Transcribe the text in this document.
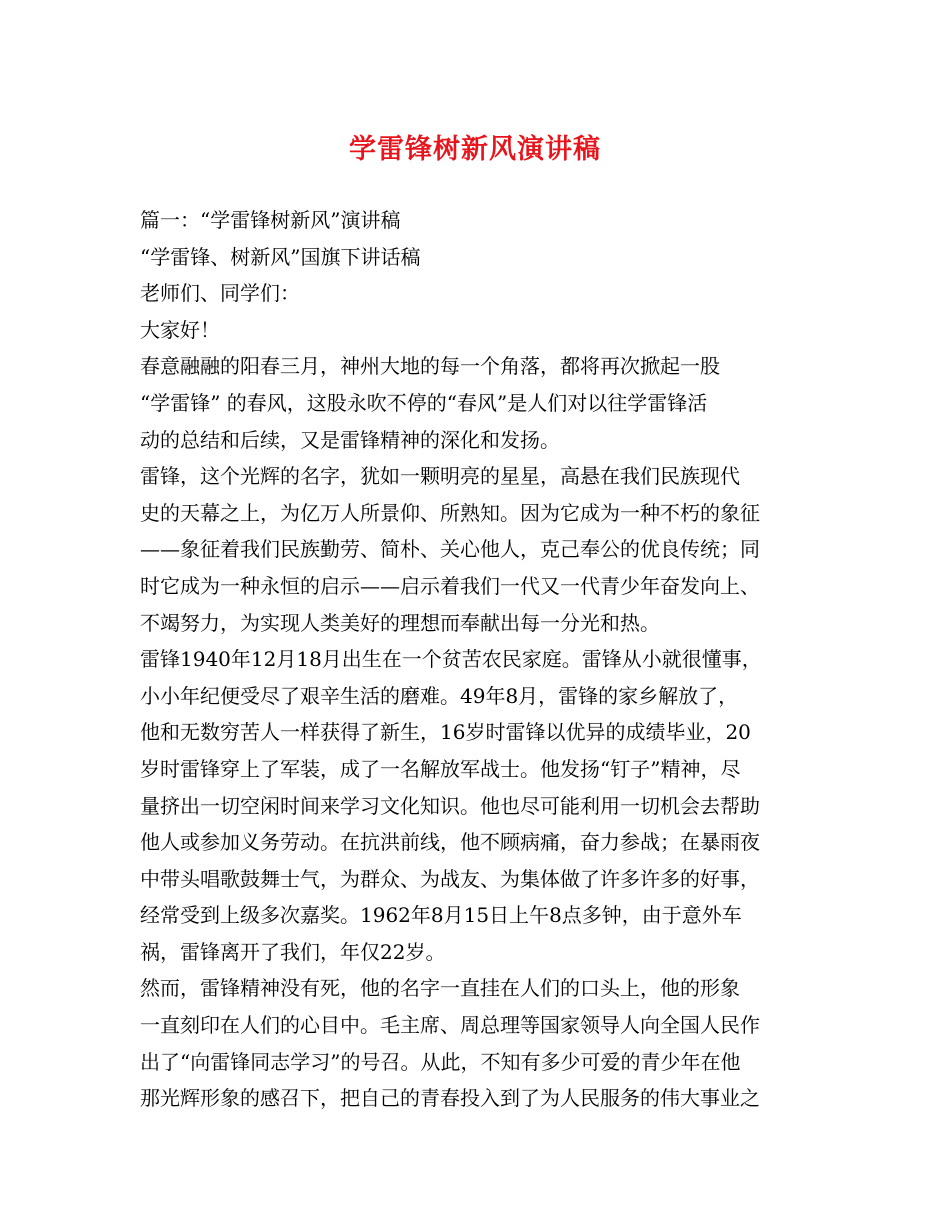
学雷锋树新风演讲稿
篇一：“学雷锋树新风”演讲稿
“学雷锋、树新风”国旗下讲话稿
老师们、同学们：
大家好！
春意融融的阳春三月，神州大地的每一个角落，都将再次掀起一股
“学雷锋” 的春风，这股永吹不停的“春风”是人们对以往学雷锋活
动的总结和后续，又是雷锋精神的深化和发扬。
雷锋，这个光辉的名字，犹如一颗明亮的星星，高悬在我们民族现代
史的天幕之上，为亿万人所景仰、所熟知。因为它成为一种不朽的象征
——象征着我们民族勤劳、简朴、关心他人，克己奉公的优良传统；同
时它成为一种永恒的启示——启示着我们一代又一代青少年奋发向上、
不竭努力，为实现人类美好的理想而奉献出每一分光和热。
雷锋1940年12月18月出生在一个贫苦农民家庭。雷锋从小就很懂事，
小小年纪便受尽了艰辛生活的磨难。49年8月，雷锋的家乡解放了，
他和无数穷苦人一样获得了新生，16岁时雷锋以优异的成绩毕业，20
岁时雷锋穿上了军装，成了一名解放军战士。他发扬“钉子”精神，尽
量挤出一切空闲时间来学习文化知识。他也尽可能利用一切机会去帮助
他人或参加义务劳动。在抗洪前线，他不顾病痛，奋力参战；在暴雨夜
中带头唱歌鼓舞士气，为群众、为战友、为集体做了许多许多的好事，
经常受到上级多次嘉奖。1962年8月15日上午8点多钟，由于意外车
祸，雷锋离开了我们，年仅22岁。
然而，雷锋精神没有死，他的名字一直挂在人们的口头上，他的形象
一直刻印在人们的心目中。毛主席、周总理等国家领导人向全国人民作
出了“向雷锋同志学习”的号召。从此，不知有多少可爱的青少年在他
那光辉形象的感召下，把自己的青春投入到了为人民服务的伟大事业之
